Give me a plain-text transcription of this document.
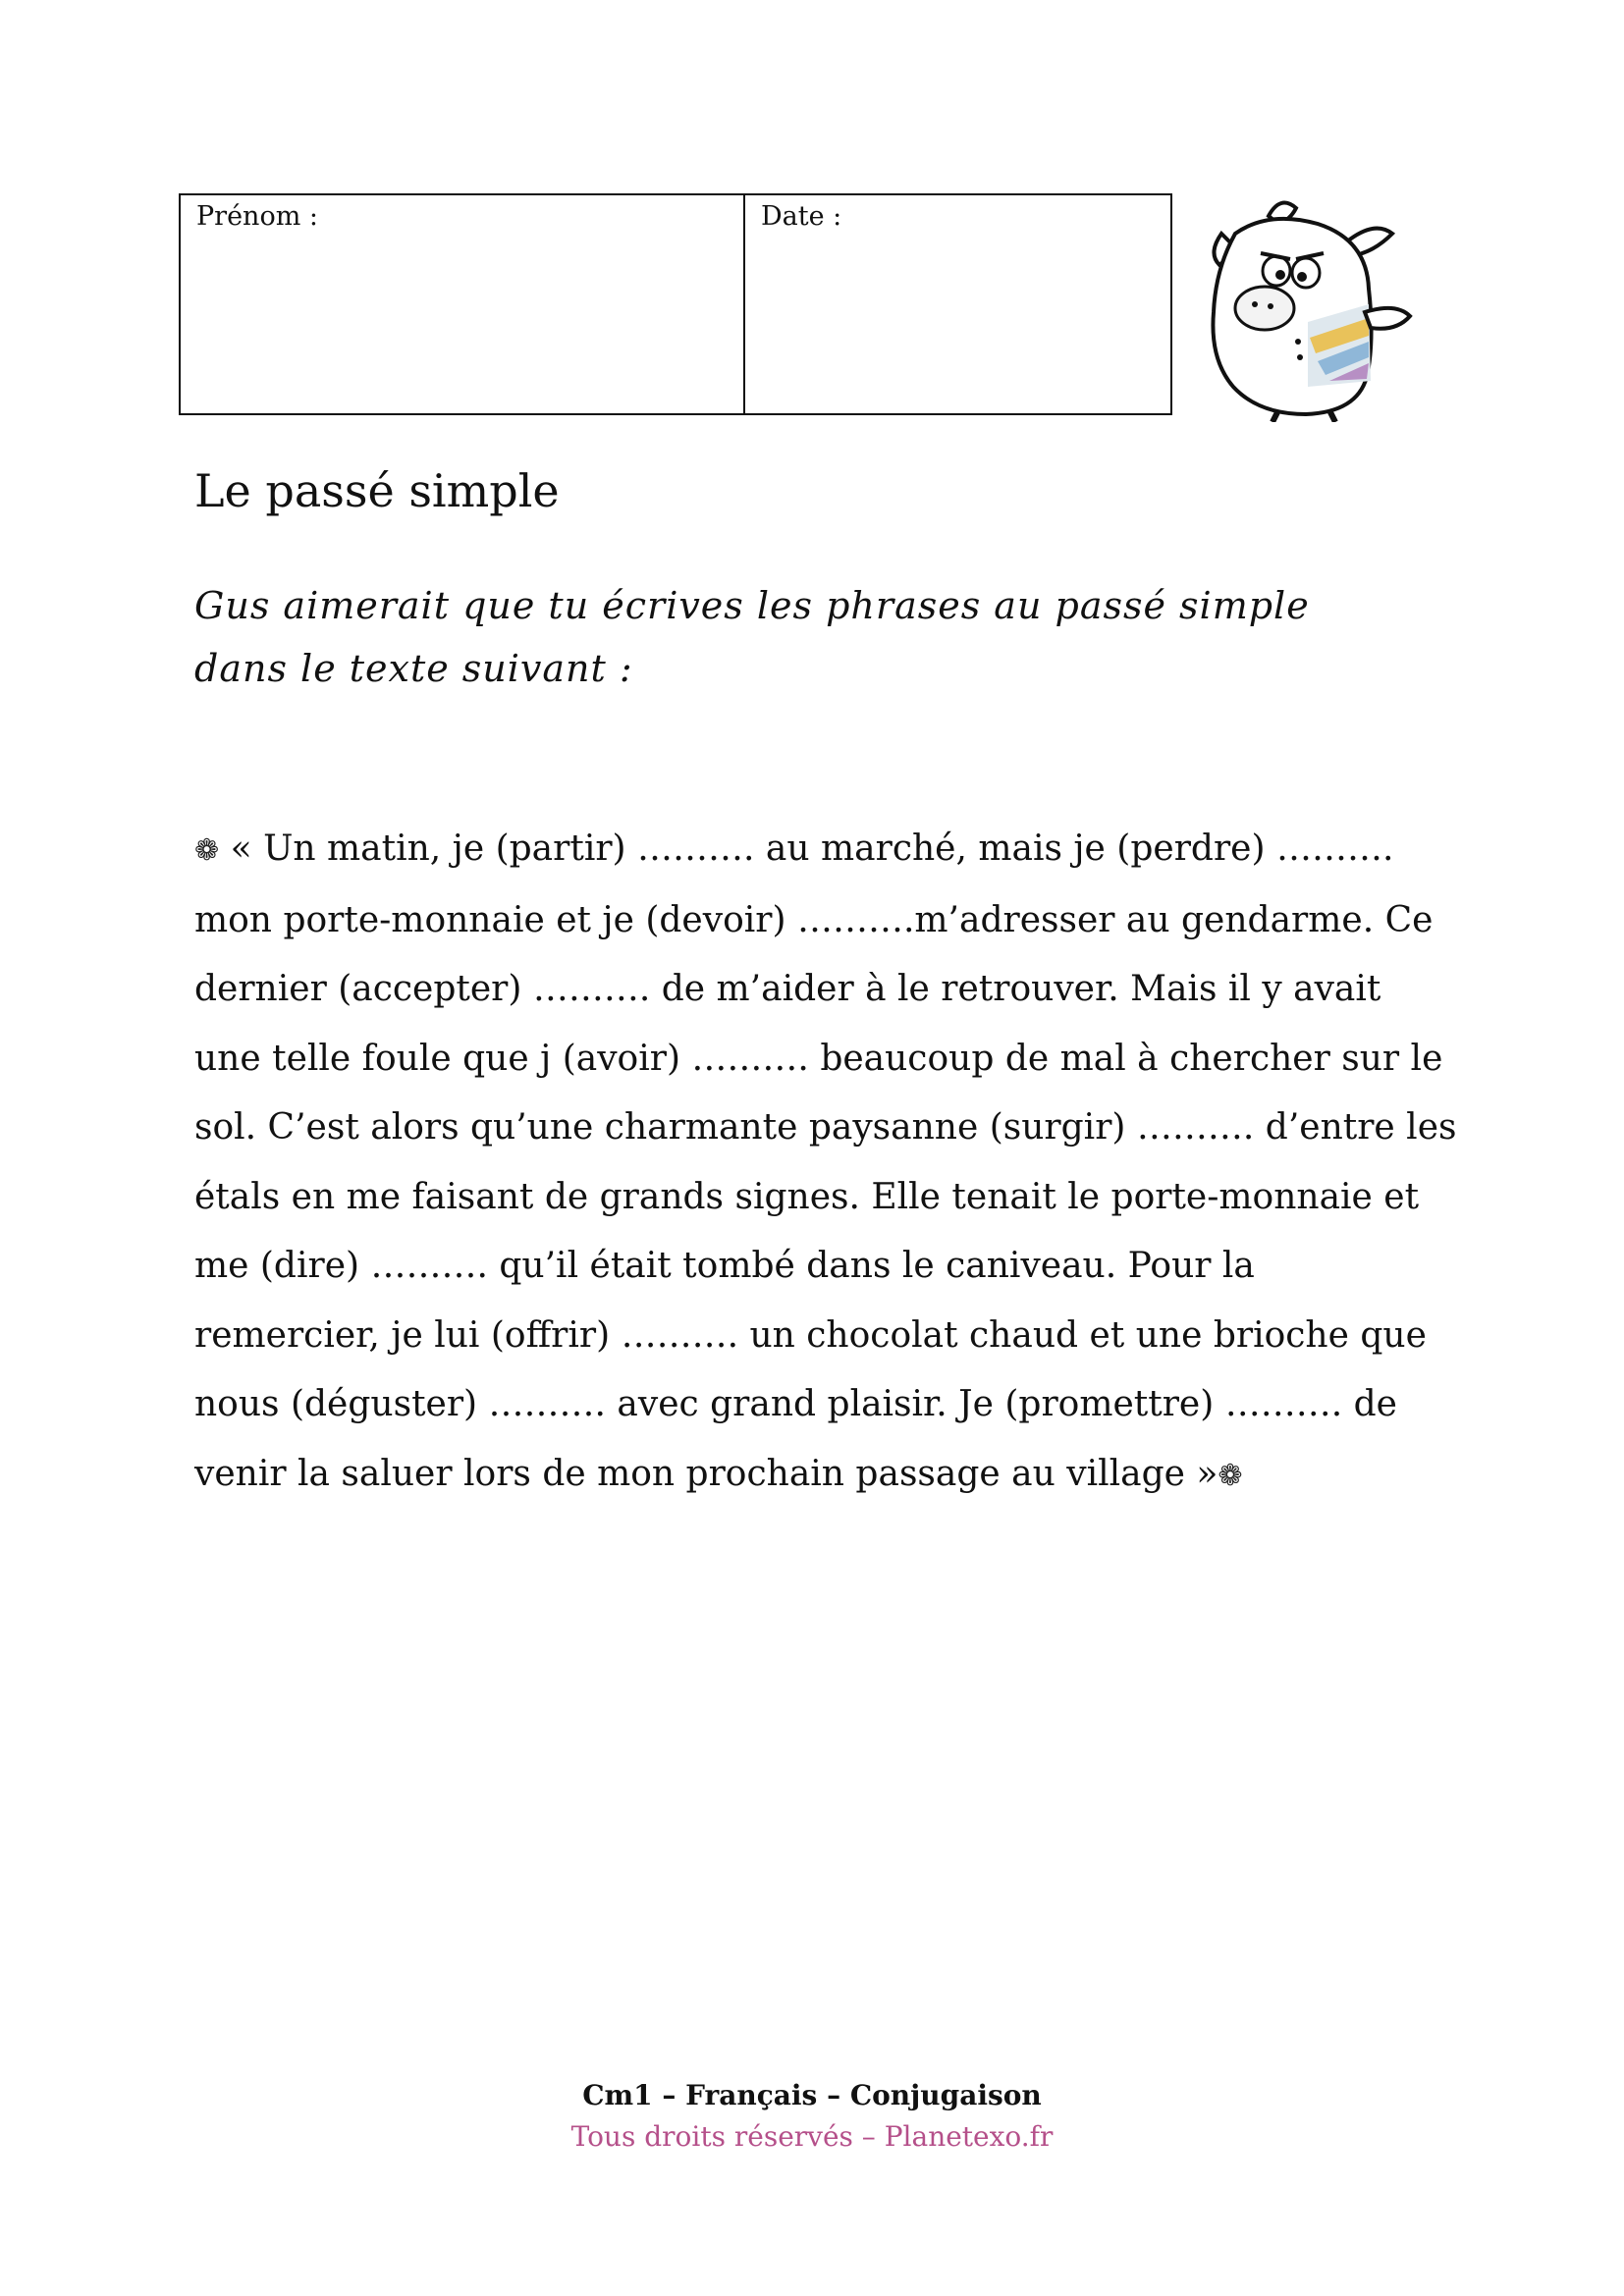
Prénom :	Date :
Le passé simple
Gus aimerait que tu écrives les phrases au passé simple
dans le texte suivant :
❁ « Un matin, je (partir) ………. au marché, mais je (perdre) ……….
mon porte-monnaie et je (devoir) ……….m’adresser au gendarme. Ce
dernier (accepter) ………. de m’aider à le retrouver. Mais il y avait
une telle foule que j (avoir) ………. beaucoup de mal à chercher sur le
sol. C’est alors qu’une charmante paysanne (surgir) ………. d’entre les
étals en me faisant de grands signes. Elle tenait le porte-monnaie et
me (dire) ………. qu’il était tombé dans le caniveau. Pour la
remercier, je lui (offrir) ………. un chocolat chaud et une brioche que
nous (déguster) ………. avec grand plaisir. Je (promettre) ………. de
venir la saluer lors de mon prochain passage au village »❁
Cm1 – Français – Conjugaison
Tous droits réservés – Planetexo.fr
